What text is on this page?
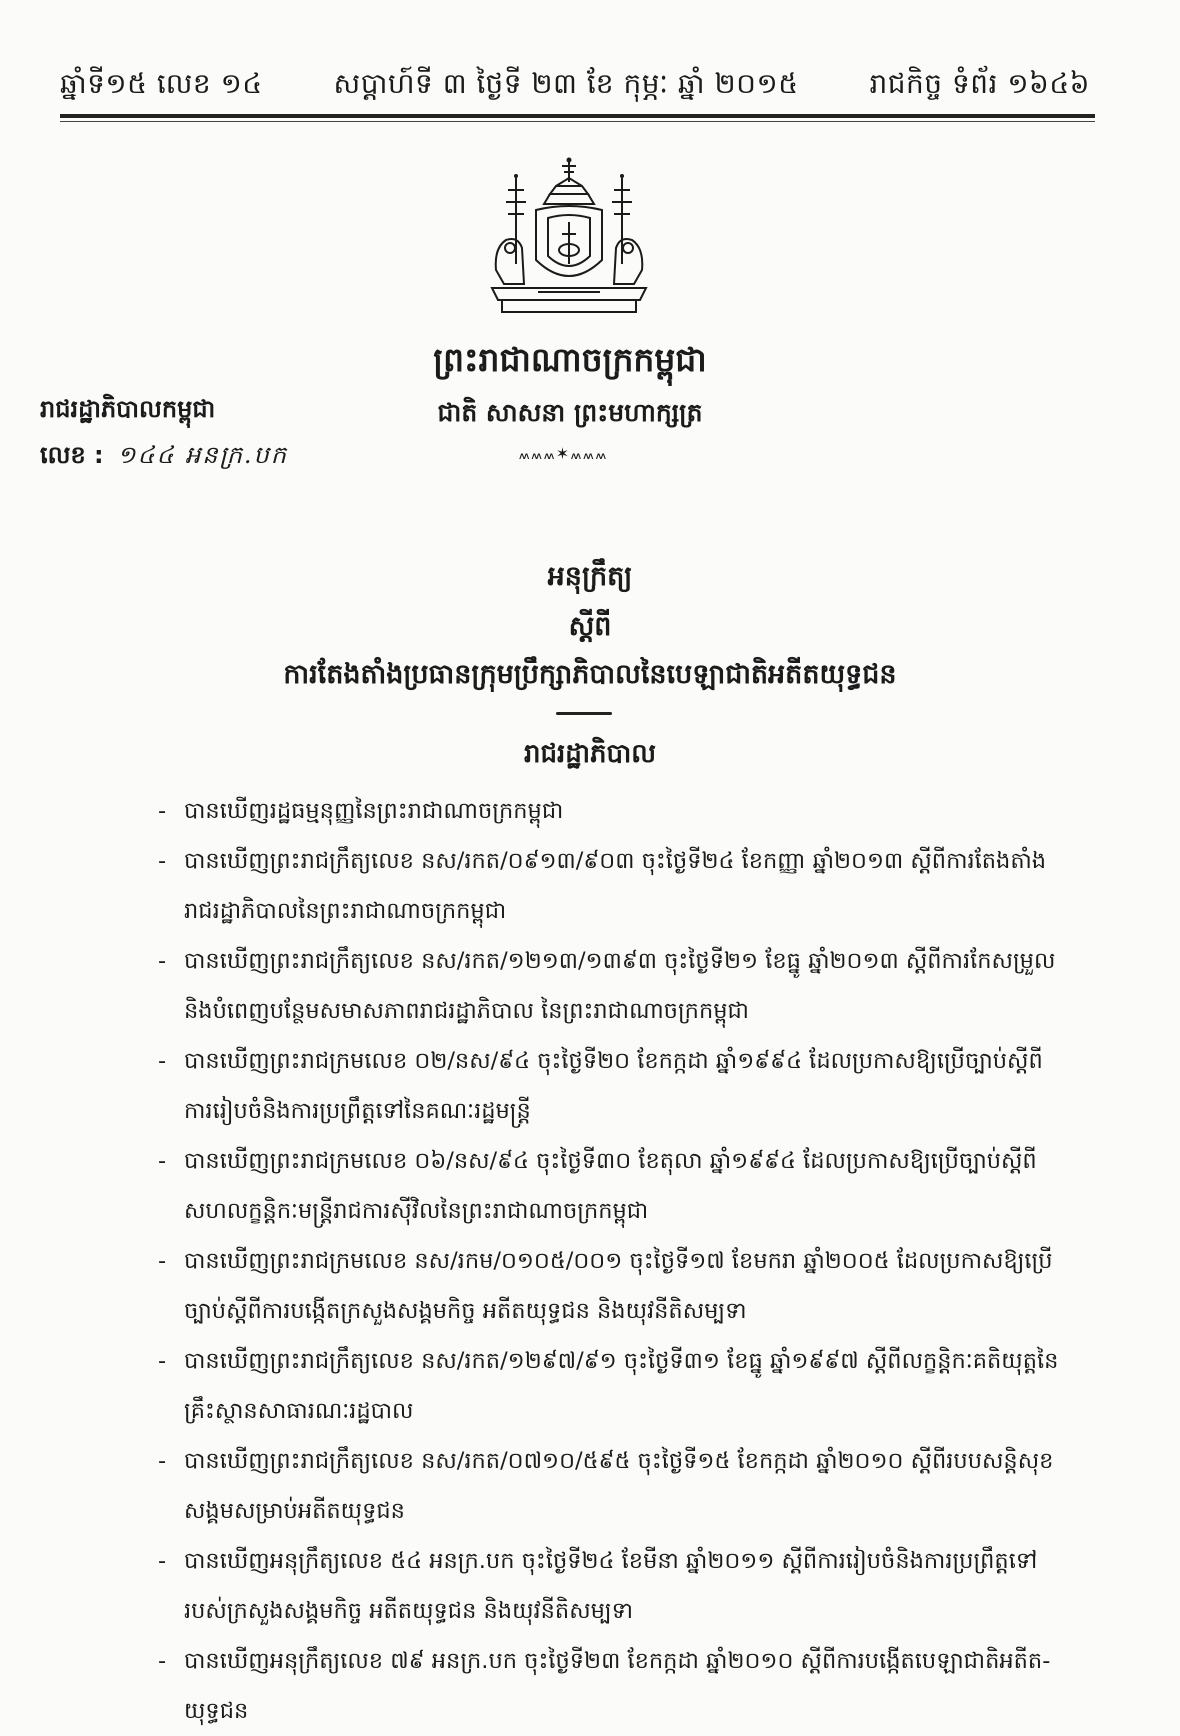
ឆ្នាំទី១៥ លេខ ១៤	សប្តាហ៍ទី ៣ ថ្ងៃទី ២៣ ខែ កុម្ភៈ ឆ្នាំ ២០១៥	រាជកិច្ច ទំព័រ ១៦៤៦
ព្រះរាជាណាចក្រកម្ពុជា
ជាតិ សាសនា ព្រះមហាក្សត្រ
៳៳៳✶៳៳៳
រាជរដ្ឋាភិបាលកម្ពុជា
លេខ : ១៤៤ អនក្រ.បក
អនុក្រឹត្យ
ស្តីពី
ការតែងតាំងប្រធានក្រុមប្រឹក្សាភិបាលនៃបេឡាជាតិអតីតយុទ្ធជន
រាជរដ្ឋាភិបាល
- បានឃើញរដ្ឋធម្មនុញ្ញនៃព្រះរាជាណាចក្រកម្ពុជា
- បានឃើញព្រះរាជក្រឹត្យលេខ នស/រកត/០៩១៣/៩០៣ ចុះថ្ងៃទី២៤ ខែកញ្ញា ឆ្នាំ២០១៣ ស្តីពីការតែងតាំង
រាជរដ្ឋាភិបាលនៃព្រះរាជាណាចក្រកម្ពុជា
- បានឃើញព្រះរាជក្រឹត្យលេខ នស/រកត/១២១៣/១៣៩៣ ចុះថ្ងៃទី២១ ខែធ្នូ ឆ្នាំ២០១៣ ស្តីពីការកែសម្រួល
និងបំពេញបន្ថែមសមាសភាពរាជរដ្ឋាភិបាល នៃព្រះរាជាណាចក្រកម្ពុជា
- បានឃើញព្រះរាជក្រមលេខ ០២/នស/៩៤ ចុះថ្ងៃទី២០ ខែកក្កដា ឆ្នាំ១៩៩៤ ដែលប្រកាសឱ្យប្រើច្បាប់ស្តីពី
ការរៀបចំនិងការប្រព្រឹត្តទៅនៃគណៈរដ្ឋមន្ត្រី
- បានឃើញព្រះរាជក្រមលេខ ០៦/នស/៩៤ ចុះថ្ងៃទី៣០ ខែតុលា ឆ្នាំ១៩៩៤ ដែលប្រកាសឱ្យប្រើច្បាប់ស្តីពី
សហលក្ខន្តិកៈមន្ត្រីរាជការស៊ីវិលនៃព្រះរាជាណាចក្រកម្ពុជា
- បានឃើញព្រះរាជក្រមលេខ នស/រកម/០១០៥/០០១ ចុះថ្ងៃទី១៧ ខែមករា ឆ្នាំ២០០៥ ដែលប្រកាសឱ្យប្រើ
ច្បាប់ស្តីពីការបង្កើតក្រសួងសង្គមកិច្ច អតីតយុទ្ធជន និងយុវនីតិសម្បទា
- បានឃើញព្រះរាជក្រឹត្យលេខ នស/រកត/១២៩៧/៩១ ចុះថ្ងៃទី៣១ ខែធ្នូ ឆ្នាំ១៩៩៧ ស្តីពីលក្ខន្តិកៈគតិយុត្តនៃ
គ្រឹះស្ថានសាធារណៈរដ្ឋបាល
- បានឃើញព្រះរាជក្រឹត្យលេខ នស/រកត/០៧១០/៥៩៥ ចុះថ្ងៃទី១៥ ខែកក្កដា ឆ្នាំ២០១០ ស្តីពីរបបសន្តិសុខ
សង្គមសម្រាប់អតីតយុទ្ធជន
- បានឃើញអនុក្រឹត្យលេខ ៥៤ អនក្រ.បក ចុះថ្ងៃទី២៤ ខែមីនា ឆ្នាំ២០១១ ស្តីពីការរៀបចំនិងការប្រព្រឹត្តទៅ
របស់ក្រសួងសង្គមកិច្ច អតីតយុទ្ធជន និងយុវនីតិសម្បទា
- បានឃើញអនុក្រឹត្យលេខ ៧៩ អនក្រ.បក ចុះថ្ងៃទី២៣ ខែកក្កដា ឆ្នាំ២០១០ ស្តីពីការបង្កើតបេឡាជាតិអតីត-
យុទ្ធជន
